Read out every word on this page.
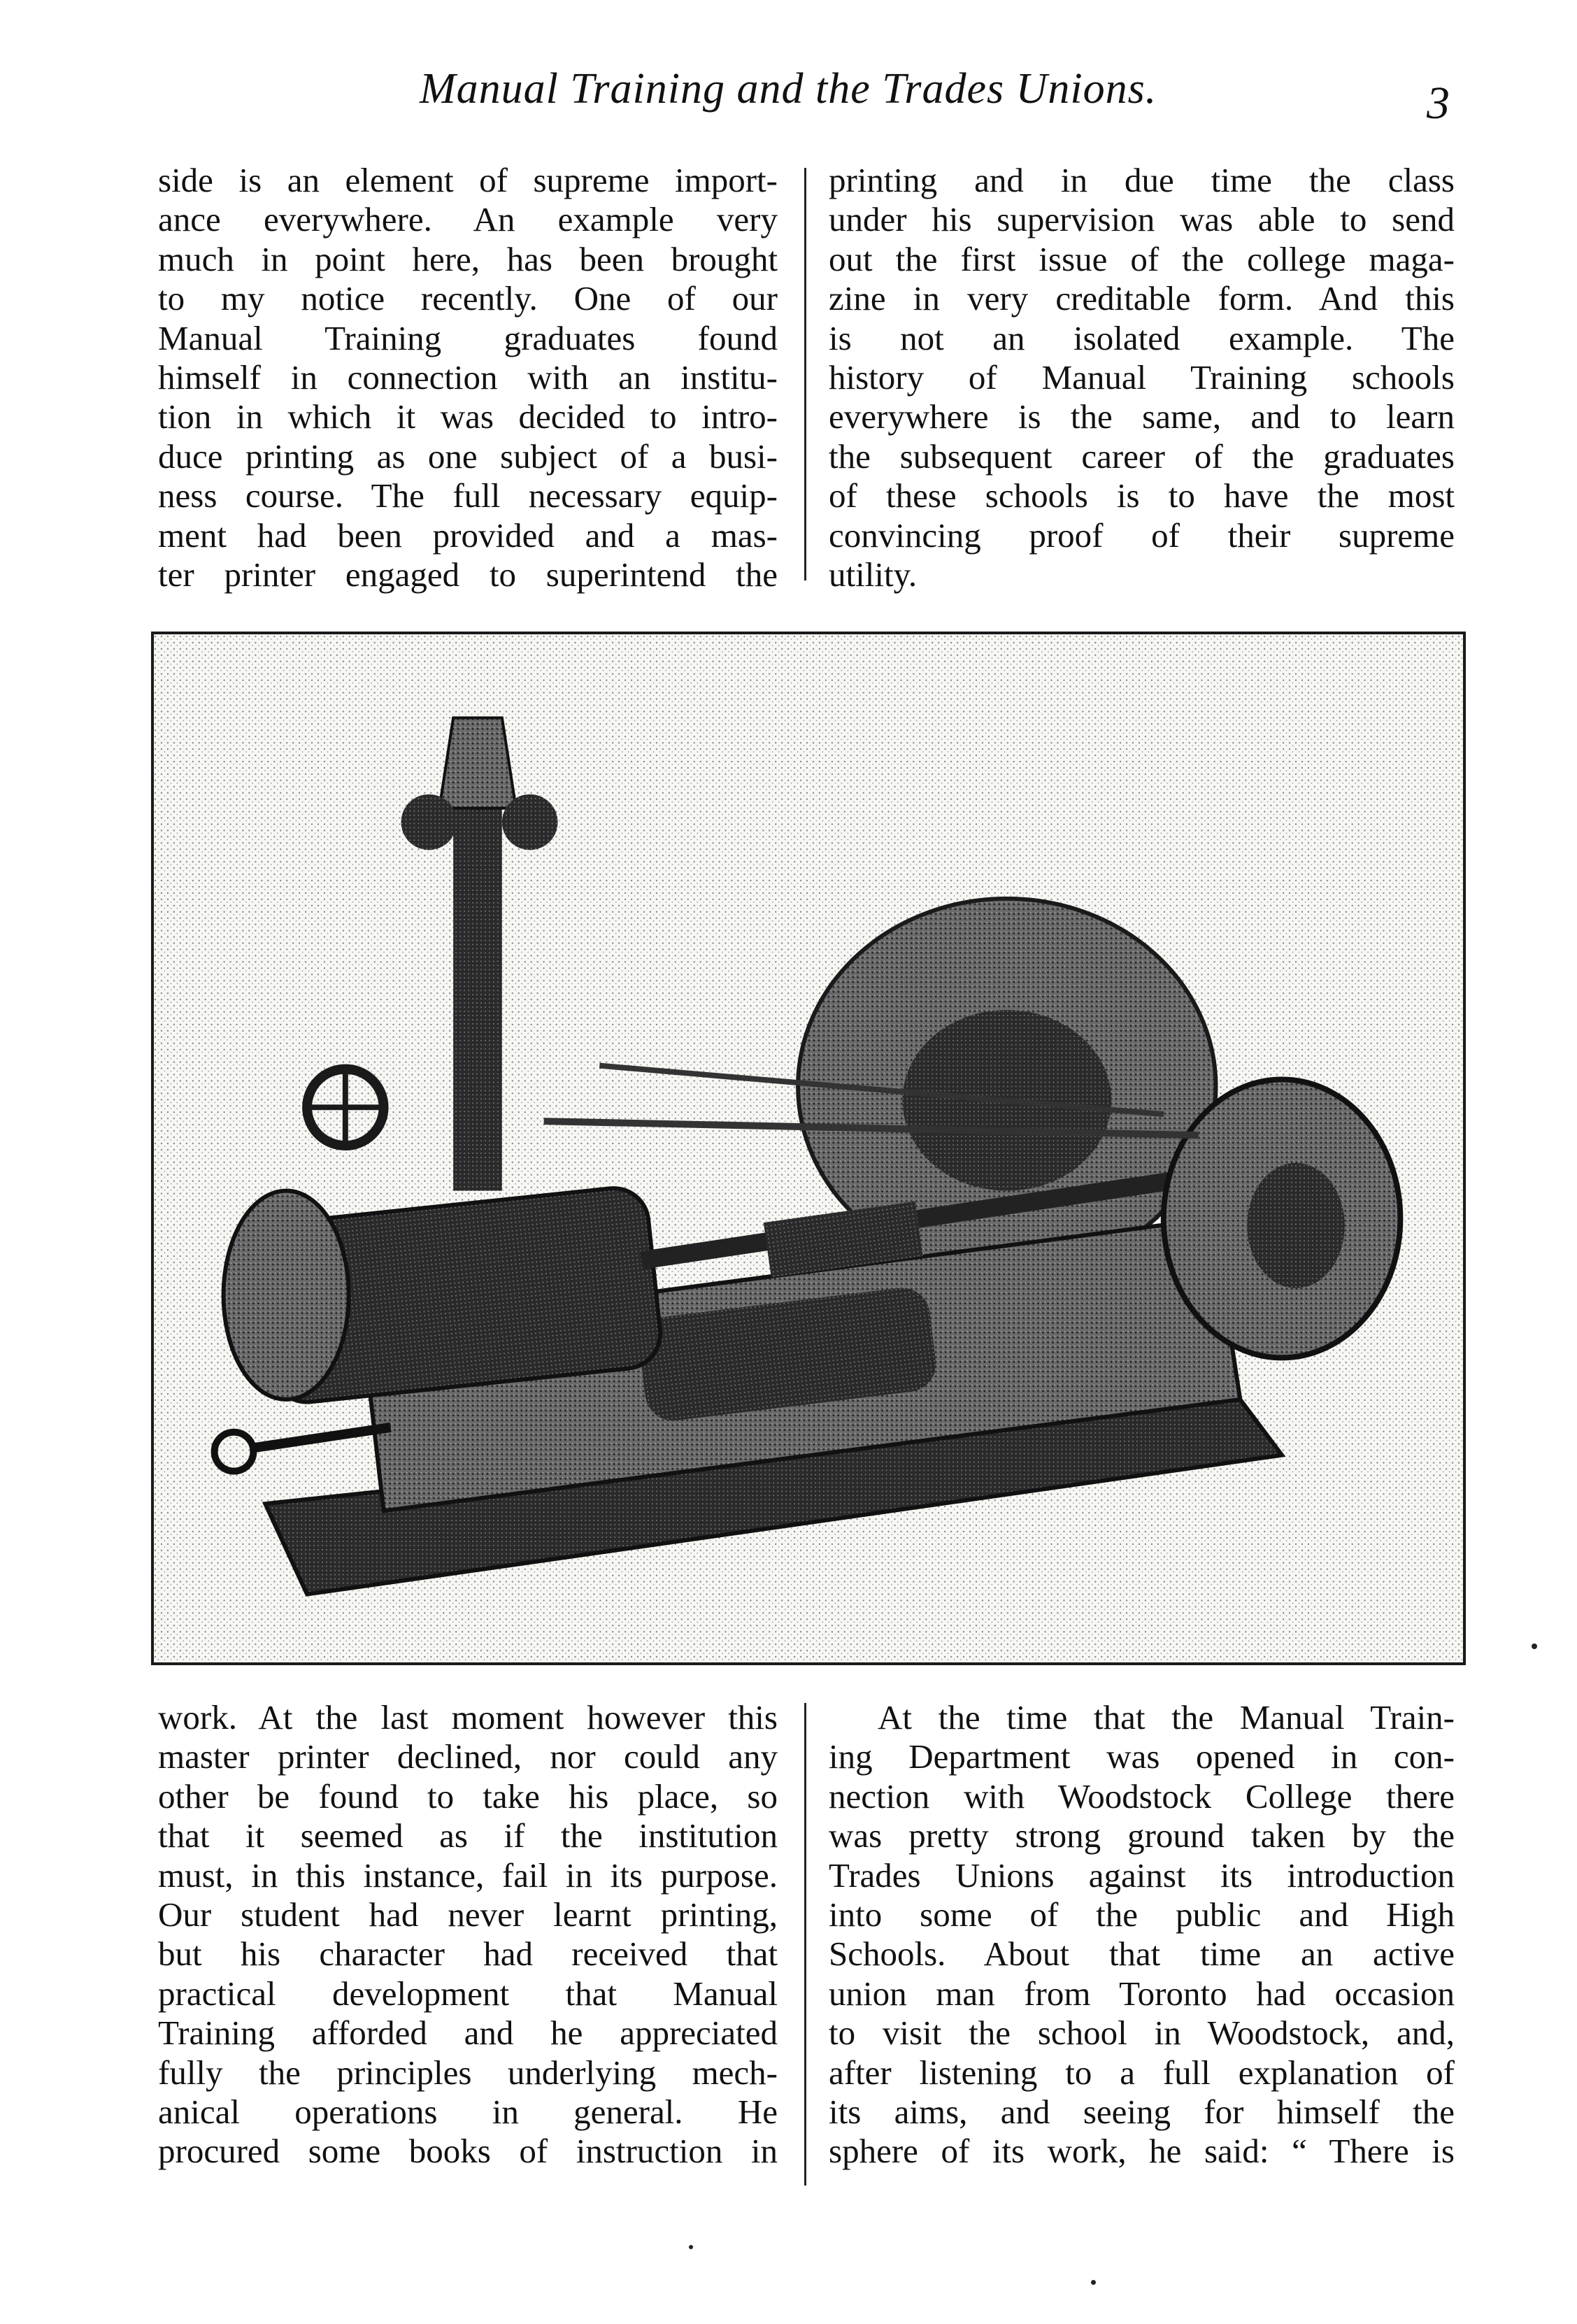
Manual Training and the Trades Unions.	3

side is an element of supreme import-

ance everywhere. An example very

much in point here, has been brought

to my notice recently. One of our

Manual Training graduates found

himself in connection with an institu-

tion in which it was decided to intro-

duce printing as one subject of a busi-

ness course. The full necessary equip-

ment had been provided and a mas-

ter printer engaged to superintend the

printing and in due time the class

under his supervision was able to send

out the first issue of the college maga-

zine in very creditable form. And this

is not an isolated example. The

history of Manual Training schools

everywhere is the same, and to learn

the subsequent career of the graduates

of these schools is to have the most

convincing proof of their supreme

utility.

work. At the last moment however this

master printer declined, nor could any

other be found to take his place, so

that it seemed as if the institution

must, in this instance, fail in its purpose.

Our student had never learnt printing,

but his character had received that

practical development that Manual

Training afforded and he appreciated

fully the principles underlying mech-

anical operations in general. He

procured some books of instruction in

At the time that the Manual Train-

ing Department was opened in con-

nection with Woodstock College there

was pretty strong ground taken by the

Trades Unions against its introduction

into some of the public and High

Schools. About that time an active

union man from Toronto had occasion

to visit the school in Woodstock, and,

after listening to a full explanation of

its aims, and seeing for himself the

sphere of its work, he said: “ There is
